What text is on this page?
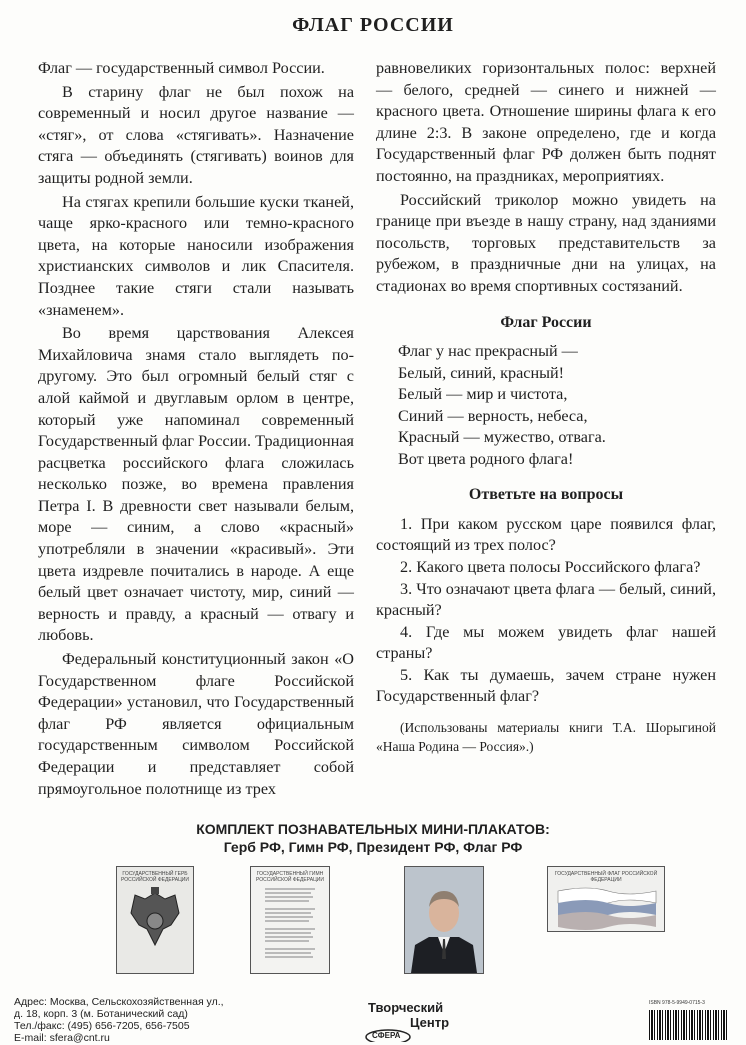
ФЛАГ РОССИИ

Флаг — государственный символ России.

В старину флаг не был похож на современный и носил другое название — «стяг», от слова «стягивать». Назначение стяга — объединять (стягивать) воинов для защиты родной земли.

На стягах крепили большие куски тканей, чаще ярко-красного или темно-красного цвета, на которые наносили изображения христианских символов и лик Спасителя. Позднее такие стяги стали называть «знаменем».

Во время царствования Алексея Михайловича знамя стало выглядеть по-другому. Это был огромный белый стяг с алой каймой и двуглавым орлом в центре, который уже напоминал современный Государственный флаг России. Традиционная расцветка российского флага сложилась несколько позже, во времена правления Петра I. В древности свет называли белым, море — синим, а слово «красный» употребляли в значении «красивый». Эти цвета издревле почитались в народе. А еще белый цвет означает чистоту, мир, синий — верность и правду, а красный — отвагу и любовь.

Федеральный конституционный закон «О Государственном флаге Российской Федерации» установил, что Государственный флаг РФ является официальным государственным символом Российской Федерации и представляет собой прямоугольное полотнище из трех

равновеликих горизонтальных полос: верхней — белого, средней — синего и нижней — красного цвета. Отношение ширины флага к его длине 2:3. В законе определено, где и когда Государственный флаг РФ должен быть поднят постоянно, на праздниках, мероприятиях.

Российский триколор можно увидеть на границе при въезде в нашу страну, над зданиями посольств, торговых представительств за рубежом, в праздничные дни на улицах, на стадионах во время спортивных состязаний.

Флаг России
Флаг у нас прекрасный —
Белый, синий, красный!
Белый — мир и чистота,
Синий — верность, небеса,
Красный — мужество, отвага.
Вот цвета родного флага!
Ответьте на вопросы
1. При каком русском царе появился флаг, состоящий из трех полос?
2. Какого цвета полосы Российского флага?
3. Что означают цвета флага — белый, синий, красный?
4. Где мы можем увидеть флаг нашей страны?
5. Как ты думаешь, зачем стране нужен Государственный флаг?
(Использованы материалы книги Т.А. Шорыгиной «Наша Родина — Россия».)
КОМПЛЕКТ ПОЗНАВАТЕЛЬНЫХ МИНИ-ПЛАКАТОВ:
Герб РФ, Гимн РФ, Президент РФ, Флаг РФ
ГОСУДАРСТВЕННЫЙ ГЕРБ РОССИЙСКОЙ ФЕДЕРАЦИИ
ГОСУДАРСТВЕННЫЙ ГИМН РОССИЙСКОЙ ФЕДЕРАЦИИ
ГОСУДАРСТВЕННЫЙ ФЛАГ РОССИЙСКОЙ ФЕДЕРАЦИИ
Адрес: Москва, Сельскохозяйственная ул.,
д. 18, корп. 3 (м. Ботанический сад)
Тел./факс: (495) 656-7205, 656-7505
E-mail: sfera@cnt.ru
Творческий
Центр
СФЕРА
ISBN 978-5-9949-0715-3
